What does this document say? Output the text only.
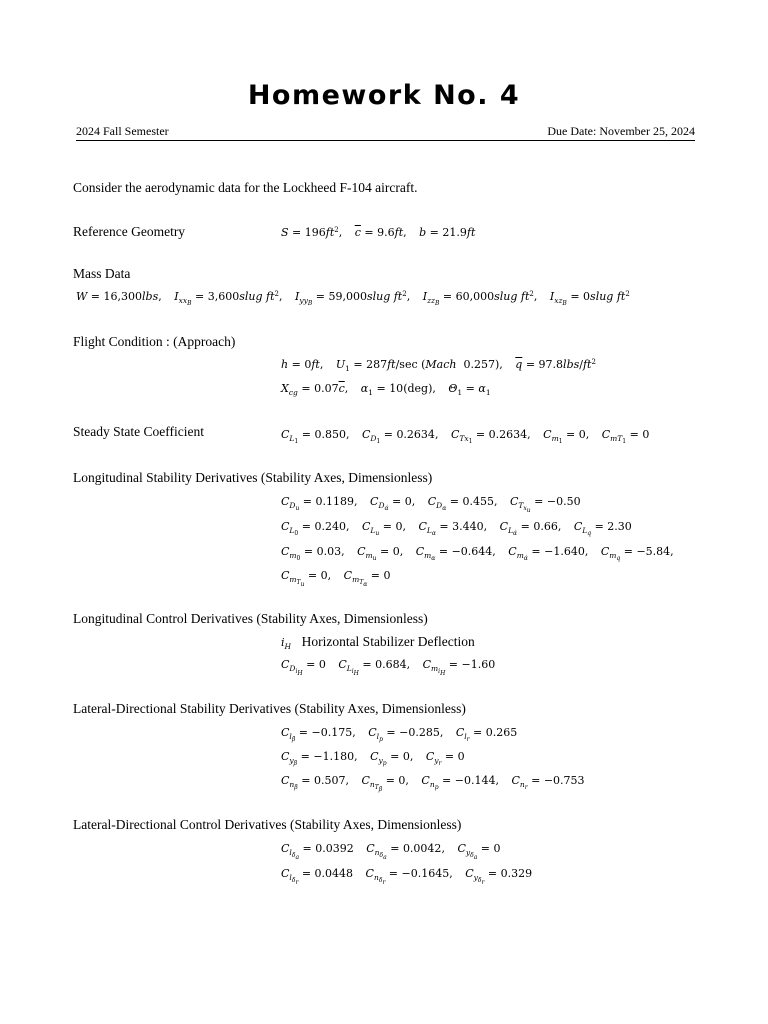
Homework No. 4
2024 Fall Semester	Due Date: November 25, 2024
Consider the aerodynamic data for the Lockheed F-104 aircraft.
Reference Geometry	$S = 196ft^2$, $\overline{c} = 9.6ft$, b = 21.9ft
Mass Data
W = 16,300lbs, $I_{xx_B}$ = 3,600slug $ft^2$, $I_{yy_B}$ = 59,000slug $ft^2$, $I_{zz_B}$ = 60,000slug $ft^2$, $I_{xz_B}$ = 0slug $ft^2$
Flight Condition : (Approach)
h = 0ft, $U_1 = 287ft/\sec$ (Mach 0.257), $\overline{q} = 97.8lbs/ft^2$
$X_{cg} = 0.07\overline{c}$, $\alpha_1 = 10(deg)$, $\Theta_1 = \alpha_1$
Steady State Coefficient	$C_{L_1} = 0.850$, $C_{D_1} = 0.2634$, $C_{Tx_1} = 0.2634$, $C_{m_1} = 0$, $C_{mT_1} = 0$
Longitudinal Stability Derivatives (Stability Axes, Dimensionless)
$C_{D_u} = 0.1189$, $C_{D_{\alphȧ}} = 0$, $C_{D_\alpha} = 0.455$, $C_{T_{x_u}} = -0.50$
$C_{L_0} = 0.240$, $C_{L_u} = 0$, $C_{L_\alpha} = 3.440$, $C_{L_{\alphȧ}} = 0.66$, $C_{L_q} = 2.30$
$C_{m_0} = 0.03$, $C_{m_u} = 0$, $C_{m_\alpha} = -0.644$, $C_{m_{\alphȧ}} = -1.640$, $C_{m_q} = -5.84$,
$C_{m_{T_u}} = 0$, $C_{m_{T_\alpha}} = 0$
Longitudinal Control Derivatives (Stability Axes, Dimensionless)
$i_H$ Horizontal Stabilizer Deflection
$C_{D_{i_H}} = 0$ $C_{L_{i_H}} = 0.684$, $C_{m_{i_H}} = -1.60$
Lateral-Directional Stability Derivatives (Stability Axes, Dimensionless)
$C_{l_\beta} = -0.175$, $C_{l_p} = -0.285$, $C_{l_r} = 0.265$
$C_{y_\beta} = -1.180$, $C_{y_p} = 0$, $C_{y_r} = 0$
$C_{n_\beta} = 0.507$, $C_{n_{T_\beta}} = 0$, $C_{n_p} = -0.144$, $C_{n_r} = -0.753$
Lateral-Directional Control Derivatives (Stability Axes, Dimensionless)
$C_{l_{\delta_a}} = 0.0392$ $C_{n_{\delta_a}} = 0.0042$, $C_{y_{\delta_a}} = 0$
$C_{l_{\delta_r}} = 0.0448$ $C_{n_{\delta_r}} = -0.1645$, $C_{y_{\delta_r}} = 0.329$
